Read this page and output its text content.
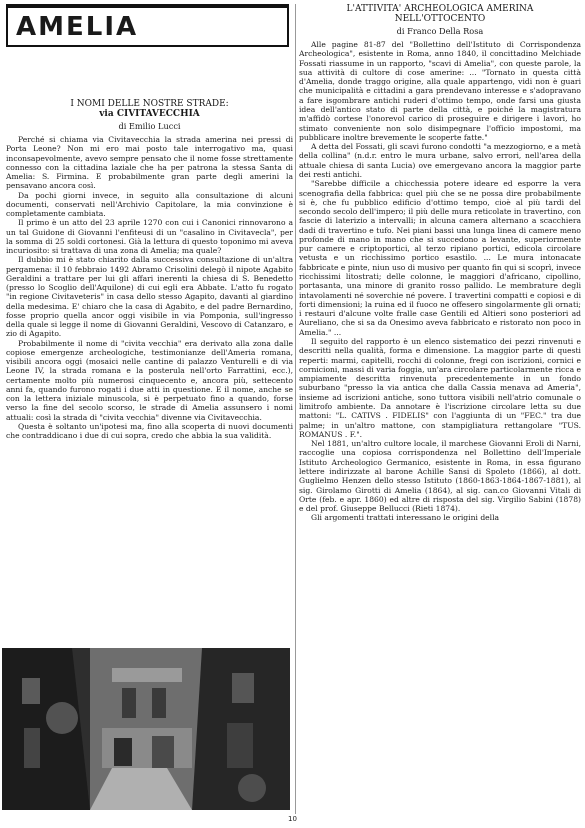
AMELIA

I NOMI DELLE NOSTRE STRADE:
via CIVITAVECCHIA

di Emilio Lucci

Perché si chiama via Civitavecchia la strada amerina nei pressi di Porta Leone? Non mi ero mai posto tale interrogativo ma, quasi inconsapevolmente, avevo sempre pensato che il nome fosse strettamente connesso con la cittadina laziale che ha per patrona la stessa Santa di Amelia: S. Firmina. E probabilmente gran parte degli amerini la pensavano ancora così.

Da pochi giorni invece, in seguito alla consultazione di alcuni documenti, conservati nell'Archivio Capitolare, la mia convinzione è completamente cambiata.

Il primo è un atto del 23 aprile 1270 con cui i Canonici rinnovarono a un tal Guidone di Giovanni l'enfiteusi di un "casalino in Civitavecla", per la somma di 25 soldi cortonesi. Già la lettura di questo toponimo mi aveva incuriosito: si trattava di una zona di Amelia; ma quale?

Il dubbio mi è stato chiarito dalla successiva consultazione di un'altra pergamena: il 10 febbraio 1492 Abramo Crisolini delegò il nipote Agabito Geraldini a trattare per lui gli affari inerenti la chiesa di S. Benedetto (presso lo Scoglio dell'Aquilone) di cui egli era Abbate. L'atto fu rogato "in regione Civitaveteris" in casa dello stesso Agapito, davanti al giardino della medesima. E' chiaro che la casa di Agabito, e del padre Bernardino, fosse proprio quella ancor oggi visibile in via Pomponia, sull'ingresso della quale si legge il nome di Giovanni Geraldini, Vescovo di Catanzaro, e zio di Agapito.

Probabilmente il nome di "civita vecchia" era derivato alla zona dalle copiose emergenze archeologiche, testimonianze dell'Ameria romana, visibili ancora oggi (mosaici nelle cantine di palazzo Venturelli e di via Leone IV, la strada romana e la posterula nell'orto Farrattini, ecc.), certamente molto più numerosi cinquecento e, ancora più, settecento anni fa, quando furono rogati i due atti in questione. E il nome, anche se con la lettera iniziale minuscola, si è perpetuato fino a quando, forse verso la fine del secolo scorso, le strade di Amelia assunsero i nomi attuali: così la strada di "civita vecchia" divenne via Civitavecchia.

Questa è soltanto un'ipotesi ma, fino alla scoperta di nuovi documenti che contraddicano i due di cui sopra, credo che abbia la sua validità.

L'ATTIVITA' ARCHEOLOGICA AMERINA
NELL'OTTOCENTO

di Franco Della Rosa

Alle pagine 81-87 del "Bollettino dell'Istituto di Corrispondenza Archeologica", esistente in Roma, anno 1840, il concittadino Melchiade Fossati riassume in un rapporto, "scavi di Amelia", con queste parole, la sua attività di cultore di cose amerine: ... "Tornato in questa città d'Amelia, donde traggo origine, alla quale appartengo, vidi non è guari che municipalità e cittadini a gara prendevano interesse e s'adopravano a fare isgombrare antichi ruderi d'ottimo tempo, onde farsi una giusta idea dell'antico stato di parte della città, e poiché la magistratura m'affidò cortese l'onorevol carico di proseguire e dirigere i lavori, ho stimato conveniente non solo disimpegnare l'officio impostomi, ma pubblicare inoltre brevemente le scoperte fatte."

A detta del Fossati, gli scavi furono condotti "a mezzogiorno, e a metà della collina" (n.d.r. entro le mura urbane, salvo errori, nell'area della attuale chiesa di santa Lucia) ove emergevano ancora la maggior parte dei resti antichi.

"Sarebbe difficile a chicchessia potere ideare ed esporre la vera scenografia della fabbrica: quel più che se ne possa dire probabilmente si è, che fu pubblico edificio d'ottimo tempo, cioè al più tardi del secondo secolo dell'impero; il più delle mura reticolate in travertino, con fascie di laterizio a intervalli; in alcuna camera alternano a scacchiera dadi di travertino e tufo. Nei piani bassi una lunga linea di camere meno profonde di mano in mano che si succedono a levante, superiormente pur camere e criptoportici, al terzo ripiano portici, edicola circolare vetusta e un ricchissimo portico esastilo. ... Le mura intonacate fabbricate e pinte, niun uso di musivo per quanto fin qui si scoprì, invece ricchissimi litostrati; delle colonne, le maggiori d'africano, cipollino, portasanta, una minore di granito rosso pallido. Le membrature degli intavolamenti né soverchie né povere. I travertini compatti e copiosi e di forti dimensioni; la ruina ed il fuoco ne offesero singolarmente gli ornati; i restauri d'alcune volte fralle case Gentili ed Altieri sono posteriori ad Aureliano, che si sa da Onesimo aveva fabbricato e ristorato non poco in Amelia." ...

Il seguito del rapporto è un elenco sistematico dei pezzi rinvenuti e descritti nella qualità, forma e dimensione. La maggior parte di questi reperti: marmi, capitelli, rocchi di colonne, fregi con iscrizioni, cornici e cornicioni, massi di varia foggia, un'ara circolare particolarmente ricca e ampiamente descritta rinvenuta precedentemente in un fondo suburbano "presso la via antica che dalla Cassia menava ad Ameria", insieme ad iscrizioni antiche, sono tuttora visibili nell'atrio comunale o limitrofo ambiente. Da annotare è l'iscrizione circolare letta su due mattoni: "L. CATIVS . FIDELIS" con l'aggiunta di un "FEC." tra due palme; in un'altro mattone, con stampigliatura rettangolare "TUS. ROMANUS . F.".

Nel 1881, un'altro cultore locale, il marchese Giovanni Eroli di Narni, raccoglie una copiosa corrispondenza nel Bollettino dell'Imperiale Istituto Archeologico Germanico, esistente in Roma, in essa figurano lettere indirizzate al barone Achille Sansi di Spoleto (1866), al dott. Guglielmo Henzen dello stesso Istituto (1860-1863-1864-1867-1881), al sig. Girolamo Girotti di Amelia (1864), al sig. can.co Giovanni Vitali di Orte (feb. e apr. 1860) ed altre di risposta del sig. Virgilio Sabini (1878) e del prof. Giuseppe Bellucci (Rieti 1874).

Gli argomenti trattati interessano le origini della

10
